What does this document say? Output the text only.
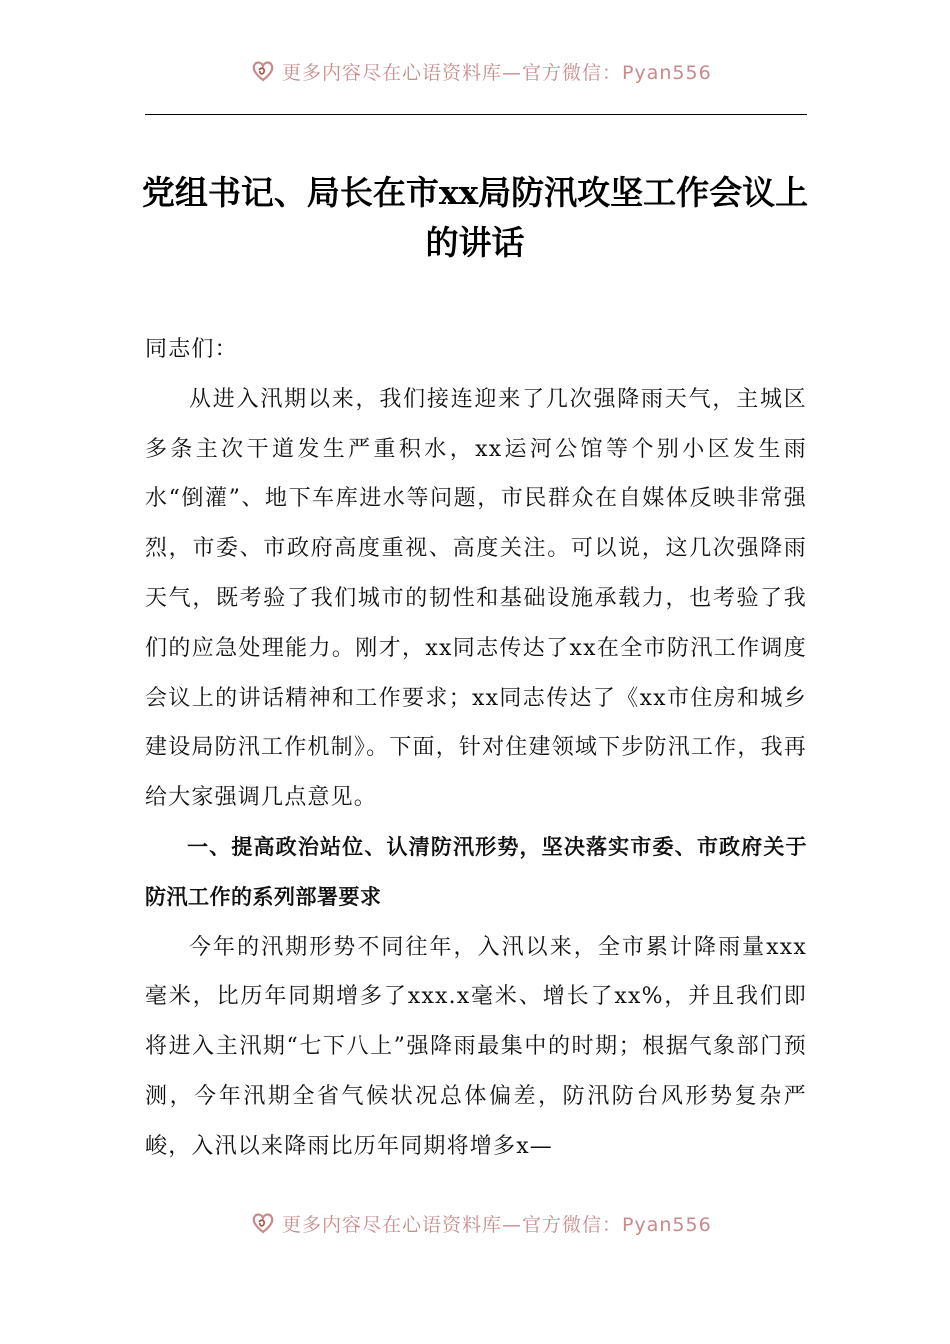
更多内容尽在心语资料库—官方微信：Pyan556
党组书记、局长在市xx局防汛攻坚工作会议上的讲话

同志们：

从进入汛期以来，我们接连迎来了几次强降雨天气，主城区多条主次干道发生严重积水，xx运河公馆等个别小区发生雨水“倒灌”、地下车库进水等问题，市民群众在自媒体反映非常强烈，市委、市政府高度重视、高度关注。可以说，这几次强降雨天气，既考验了我们城市的韧性和基础设施承载力，也考验了我们的应急处理能力。刚才，xx同志传达了xx在全市防汛工作调度会议上的讲话精神和工作要求；xx同志传达了《xx市住房和城乡建设局防汛工作机制》。下面，针对住建领域下步防汛工作，我再给大家强调几点意见。

一、提高政治站位、认清防汛形势，坚决落实市委、市政府关于防汛工作的系列部署要求

今年的汛期形势不同往年，入汛以来，全市累计降雨量xxx毫米，比历年同期增多了xxx.x毫米、增长了xx%，并且我们即将进入主汛期“七下八上”强降雨最集中的时期；根据气象部门预测，今年汛期全省气候状况总体偏差，防汛防台风形势复杂严峻，入汛以来降雨比历年同期将增多x—

更多内容尽在心语资料库—官方微信：Pyan556
